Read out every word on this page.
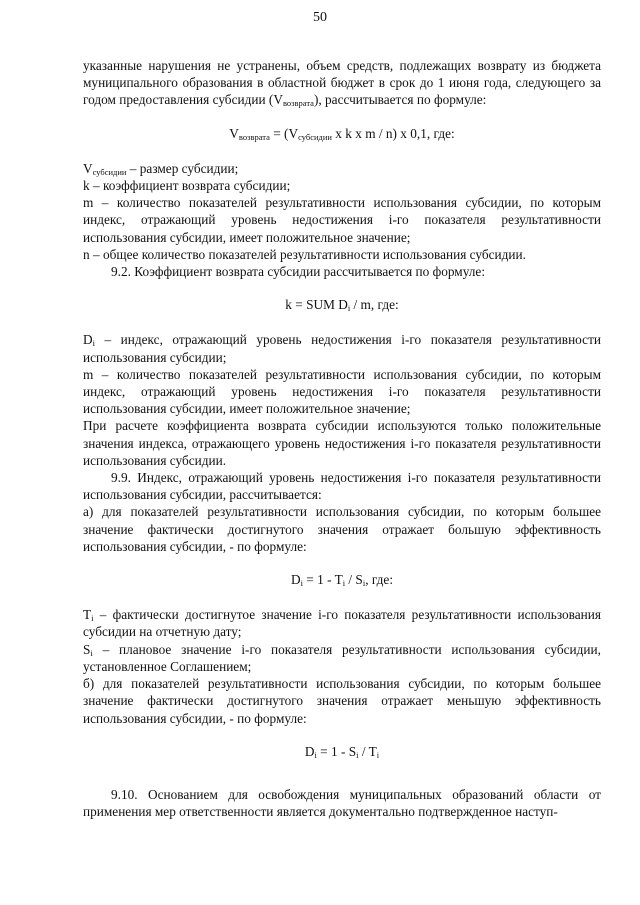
50

указанные нарушения не устранены, объем средств, подлежащих возврату из бюджета муниципального образования в областной бюджет в срок до 1 июня года, следующего за годом предоставления субсидии $(V_{возврата})$, рассчитывается по формуле:

$V_{возврата} = (V_{субсидии}$ x k x m / n) x 0,1, где:

$V_{субсидии}$ – размер субсидии;

k – коэффициент возврата субсидии;

m – количество показателей результативности использования субсидии, по которым индекс, отражающий уровень недостижения i-го показателя результативности использования субсидии, имеет положительное значение;

n – общее количество показателей результативности использования субсидии.

9.2. Коэффициент возврата субсидии рассчитывается по формуле:

k = SUM $D_i$ / m, где:

$D_i$ – индекс, отражающий уровень недостижения i-го показателя результативности использования субсидии;

m – количество показателей результативности использования субсидии, по которым индекс, отражающий уровень недостижения i-го показателя результативности использования субсидии, имеет положительное значение;

При расчете коэффициента возврата субсидии используются только положительные значения индекса, отражающего уровень недостижения i-го показателя результативности использования субсидии.

9.9. Индекс, отражающий уровень недостижения i-го показателя результативности использования субсидии, рассчитывается:

а) для показателей результативности использования субсидии, по которым большее значение фактически достигнутого значения отражает большую эффективность использования субсидии, - по формуле:

$D_i = 1 - T_i / S_i$, где:

$T_i$ – фактически достигнутое значение i-го показателя результативности использования субсидии на отчетную дату;

$S_i$ – плановое значение i-го показателя результативности использования субсидии, установленное Соглашением;

б) для показателей результативности использования субсидии, по которым большее значение фактически достигнутого значения отражает меньшую эффективность использования субсидии, - по формуле:

$D_i = 1 - S_i / T_i$

9.10. Основанием для освобождения муниципальных образований области от применения мер ответственности является документально подтвержденное наступ-
